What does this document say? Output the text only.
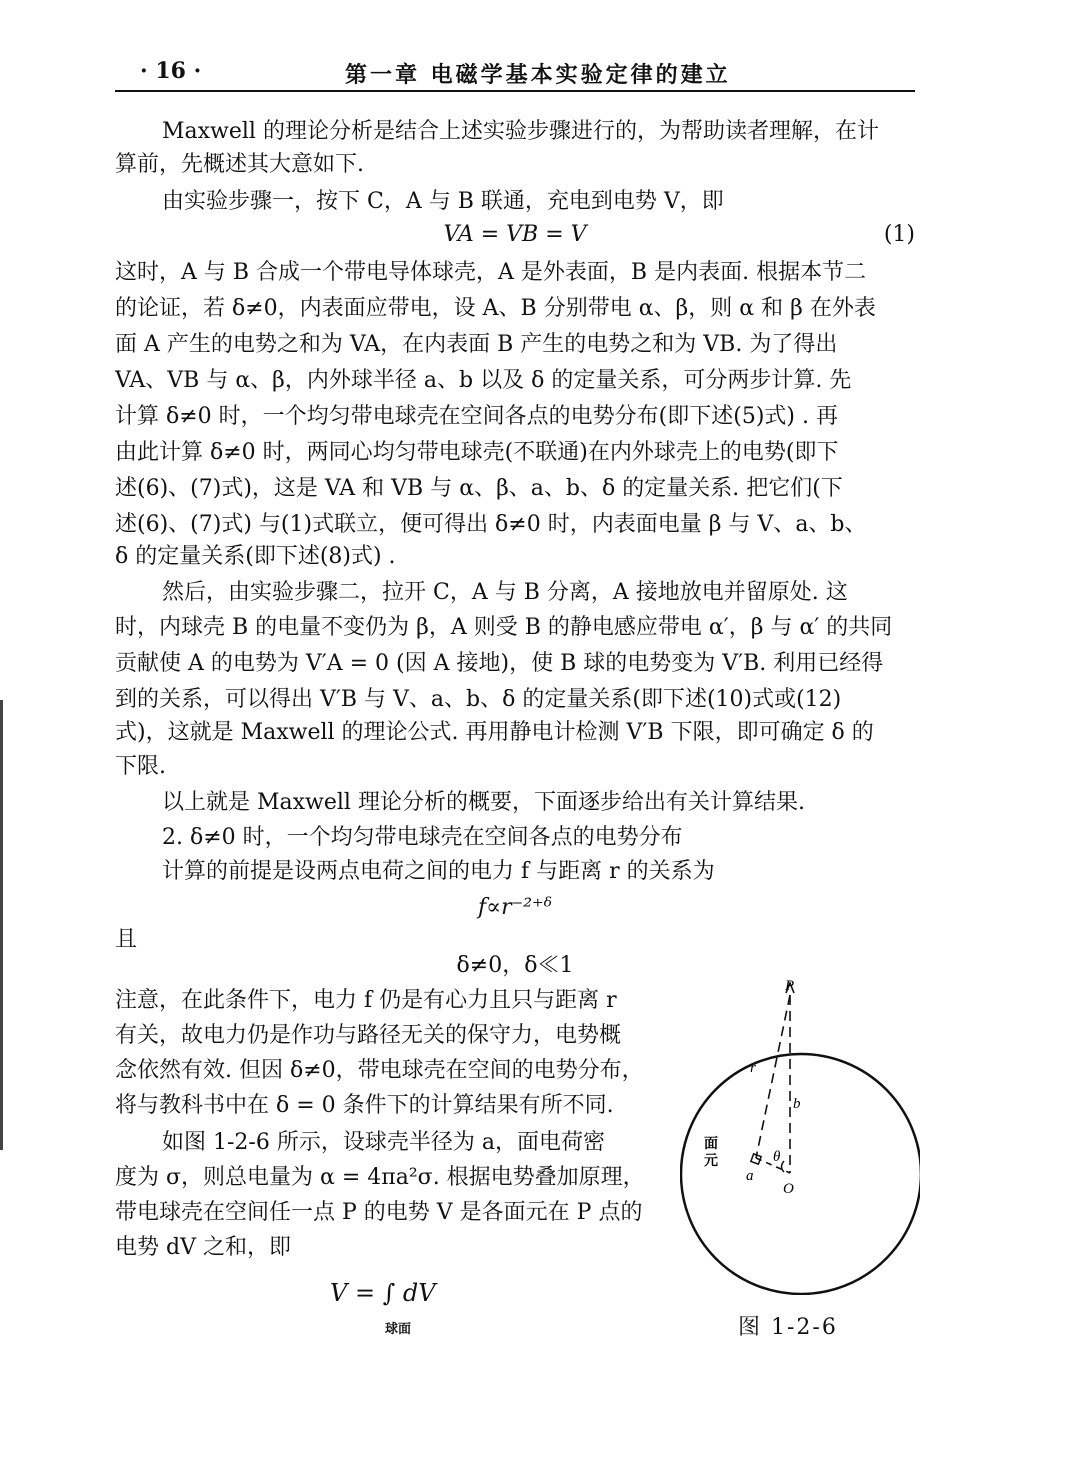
· 16 ·	第一章 电磁学基本实验定律的建立
Maxwell 的理论分析是结合上述实验步骤进行的，为帮助读者理解，在计
算前，先概述其大意如下.
由实验步骤一，按下 C，A 与 B 联通，充电到电势 V，即
VA = VB = V	(1)
这时，A 与 B 合成一个带电导体球壳，A 是外表面，B 是内表面. 根据本节二
的论证，若 δ≠0，内表面应带电，设 A、B 分别带电 α、β，则 α 和 β 在外表
面 A 产生的电势之和为 VA，在内表面 B 产生的电势之和为 VB. 为了得出
VA、VB 与 α、β，内外球半径 a、b 以及 δ 的定量关系，可分两步计算. 先
计算 δ≠0 时，一个均匀带电球壳在空间各点的电势分布(即下述(5)式) . 再
由此计算 δ≠0 时，两同心均匀带电球壳(不联通)在内外球壳上的电势(即下
述(6)、(7)式)，这是 VA 和 VB 与 α、β、a、b、δ 的定量关系. 把它们(下
述(6)、(7)式) 与(1)式联立，便可得出 δ≠0 时，内表面电量 β 与 V、a、b、
δ 的定量关系(即下述(8)式) .
然后，由实验步骤二，拉开 C，A 与 B 分离，A 接地放电并留原处. 这
时，内球壳 B 的电量不变仍为 β，A 则受 B 的静电感应带电 α′，β 与 α′ 的共同
贡献使 A 的电势为 V′A = 0 (因 A 接地)，使 B 球的电势变为 V′B. 利用已经得
到的关系，可以得出 V′B 与 V、a、b、δ 的定量关系(即下述(10)式或(12)
式)，这就是 Maxwell 的理论公式. 再用静电计检测 V′B 下限，即可确定 δ 的
下限.
以上就是 Maxwell 理论分析的概要，下面逐步给出有关计算结果.
2. δ≠0 时，一个均匀带电球壳在空间各点的电势分布
计算的前提是设两点电荷之间的电力 f 与距离 r 的关系为
f∝r⁻²⁺ᵟ
且
δ≠0，δ≪1
注意，在此条件下，电力 f 仍是有心力且只与距离 r
有关，故电力仍是作功与路径无关的保守力，电势概
念依然有效. 但因 δ≠0，带电球壳在空间的电势分布，
将与教科书中在 δ = 0 条件下的计算结果有所不同.
如图 1-2-6 所示，设球壳半径为 a，面电荷密
度为 σ，则总电量为 α = 4πa²σ. 根据电势叠加原理，
带电球壳在空间任一点 P 的电势 V 是各面元在 P 点的
电势 dV 之和，即
V = ∫ dV
球面
P
r
b
θ
a
O
面 元
图 1-2-6
